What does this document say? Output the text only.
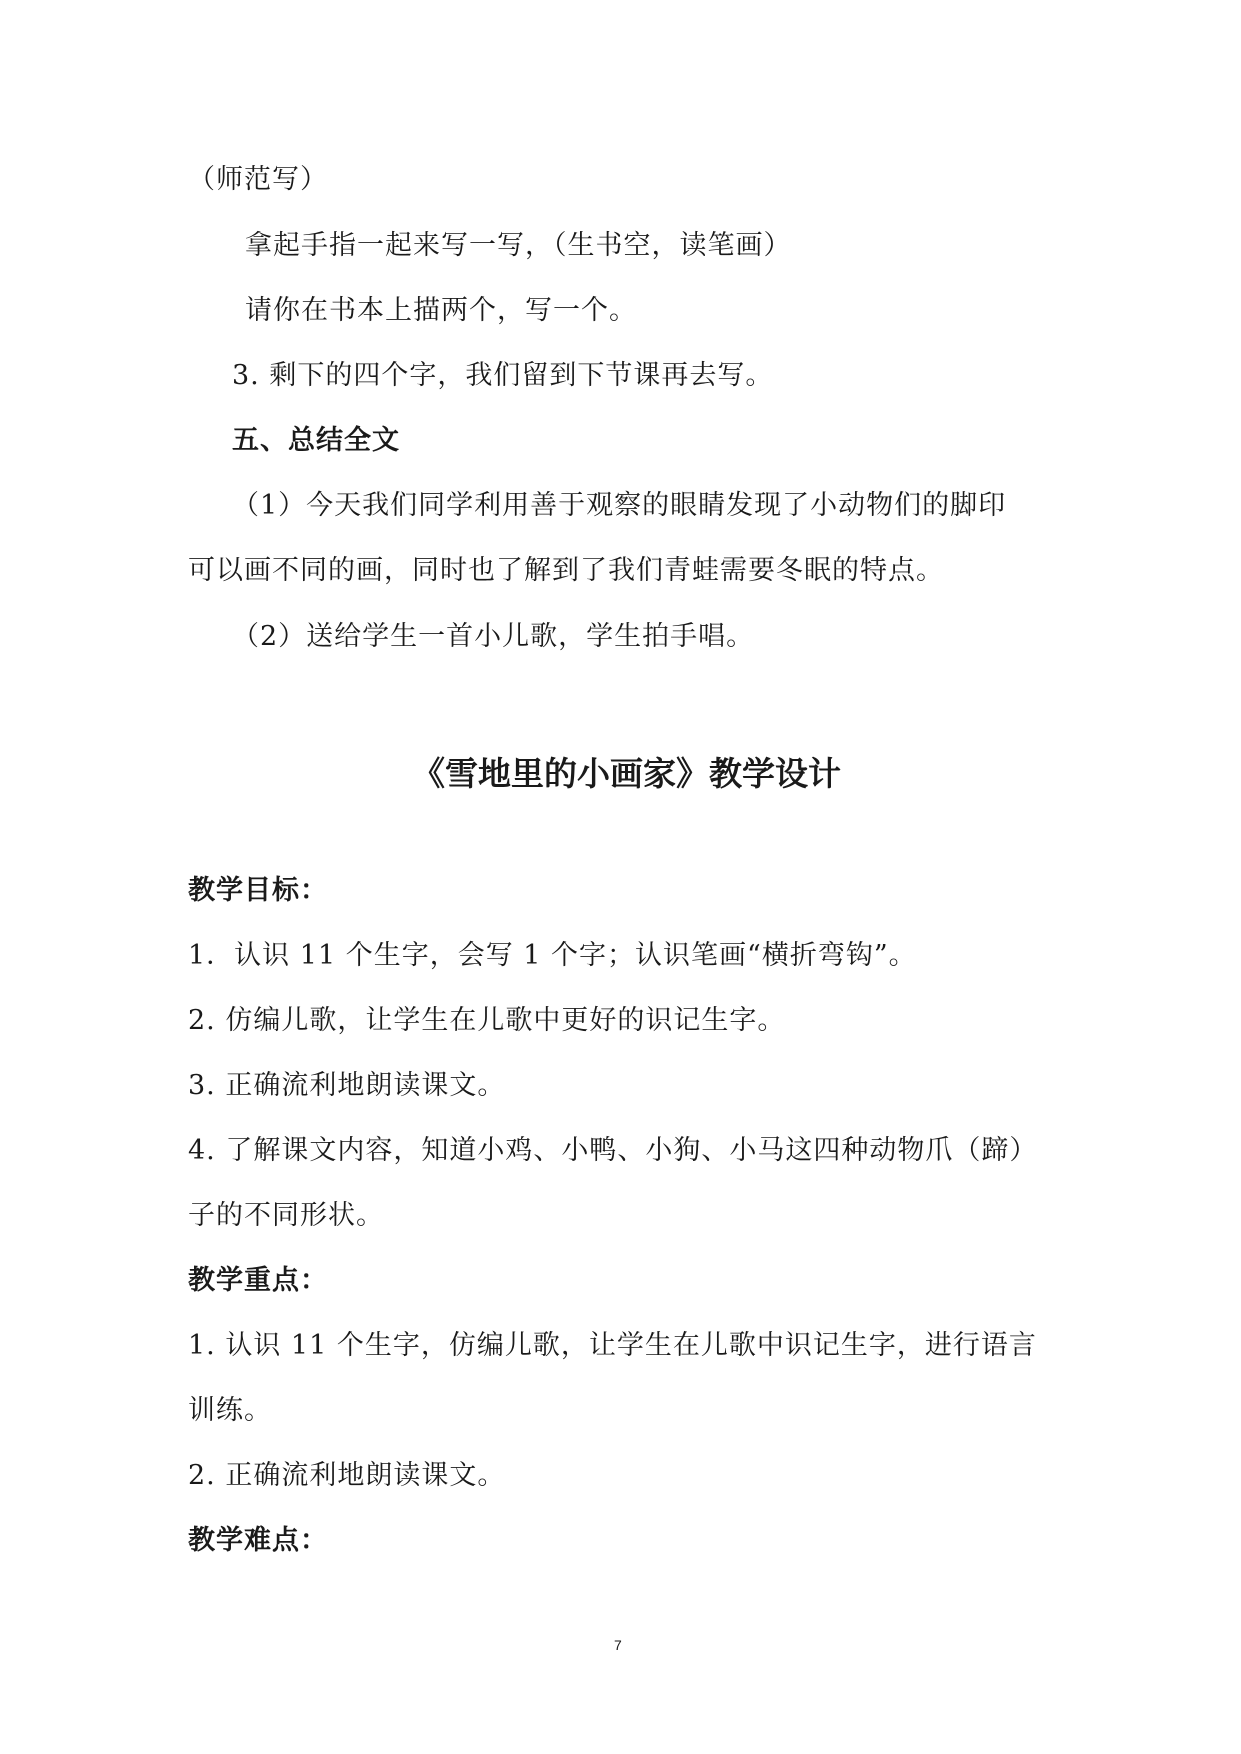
（师范写）
拿起手指一起来写一写，（生书空，读笔画）
请你在书本上描两个，写一个。
3. 剩下的四个字，我们留到下节课再去写。
五、总结全文
（1）今天我们同学利用善于观察的眼睛发现了小动物们的脚印
可以画不同的画，同时也了解到了我们青蛙需要冬眠的特点。
（2）送给学生一首小儿歌，学生拍手唱。
《雪地里的小画家》教学设计
教学目标：
1．认识 11 个生字，会写 1 个字；认识笔画“横折弯钩”。
2. 仿编儿歌，让学生在儿歌中更好的识记生字。
3. 正确流利地朗读课文。
4. 了解课文内容，知道小鸡、小鸭、小狗、小马这四种动物爪（蹄）
子的不同形状。
教学重点：
1. 认识 11 个生字，仿编儿歌，让学生在儿歌中识记生字，进行语言
训练。
2. 正确流利地朗读课文。
教学难点：
7
